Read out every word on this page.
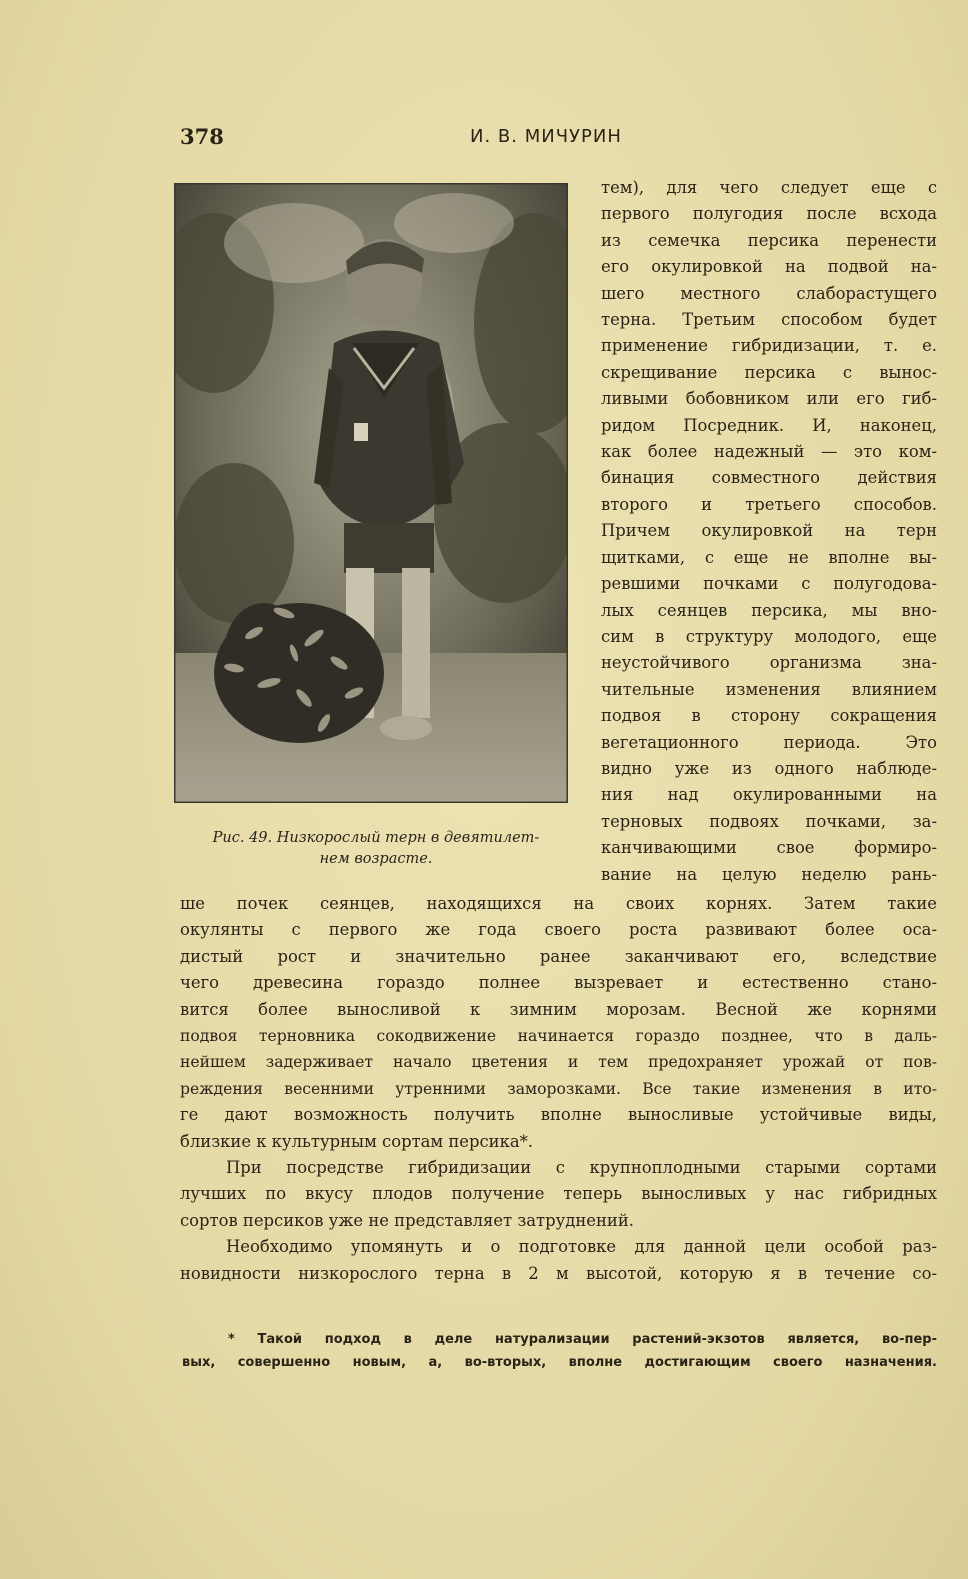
378	И. В. МИЧУРИН
Рис. 49. Низкорослый терн в девятилет-
нем возрасте.
тем), для чего следует еще с
первого полугодия после всхода
из семечка персика перенести
его окулировкой на подвой на-
шего местного слаборастущего
терна. Третьим способом будет
применение гибридизации, т. е.
скрещивание персика с вынос-
ливыми бобовником или его гиб-
ридом Посредник. И, наконец,
как более надежный — это ком-
бинация совместного действия
второго и третьего способов.
Причем окулировкой на терн
щитками, с еще не вполне вы-
ревшими почками с полугодова-
лых сеянцев персика, мы вно-
сим в структуру молодого, еще
неустойчивого организма зна-
чительные изменения влиянием
подвоя в сторону сокращения
вегетационного периода. Это
видно уже из одного наблюде-
ния над окулированными на
терновых подвоях почками, за-
канчивающими свое формиро-
вание на целую неделю рань-
ше почек сеянцев, находящихся на своих корнях. Затем такие
окулянты с первого же года своего роста развивают более оса-
дистый рост и значительно ранее заканчивают его, вследствие
чего древесина гораздо полнее вызревает и естественно стано-
вится более выносливой к зимним морозам. Весной же корнями
подвоя терновника сокодвижение начинается гораздо позднее, что в даль-
нейшем задерживает начало цветения и тем предохраняет урожай от пов-
реждения весенними утренними заморозками. Все такие изменения в ито-
ге дают возможность получить вполне выносливые устойчивые виды,
близкие к культурным сортам персика*.
При посредстве гибридизации с крупноплодными старыми сортами
лучших по вкусу плодов получение теперь выносливых у нас гибридных
сортов персиков уже не представляет затруднений.
Необходимо упомянуть и о подготовке для данной цели особой раз-
новидности низкорослого терна в 2 м высотой, которую я в течение со-
* Такой подход в деле натурализации растений-экзотов является, во-пер-
вых, совершенно новым, а, во-вторых, вполне достигающим своего назначения.
